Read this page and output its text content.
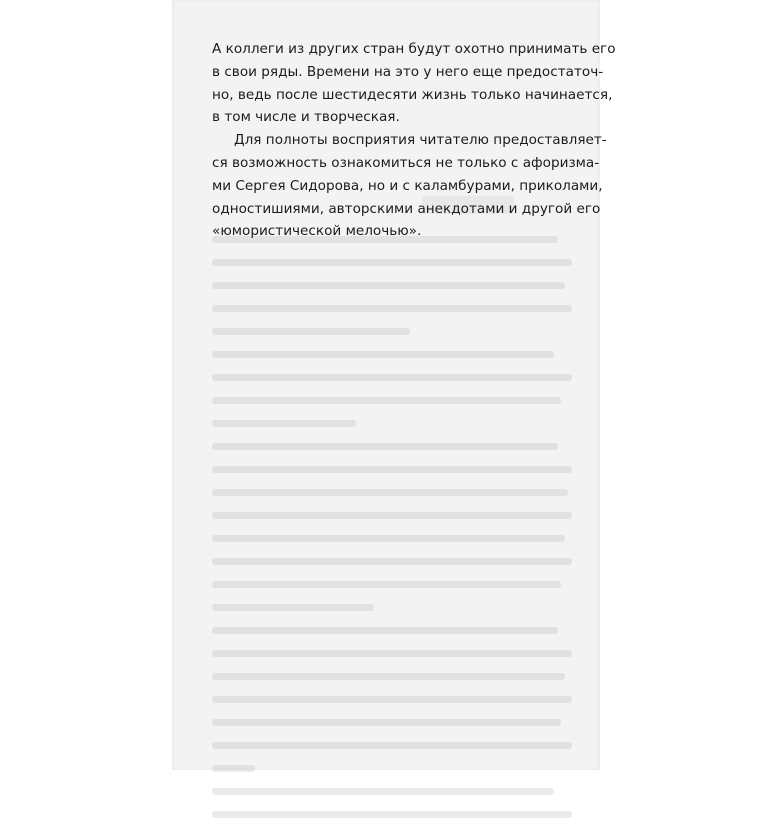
А коллеги из других стран будут охотно принимать его
в свои ряды. Времени на это у него еще предостаточ-
но, ведь после шестидесяти жизнь только начинается,
в том числе и творческая.

Для полноты восприятия читателю предоставляет-
ся возможность ознакомиться не только с афоризма-
ми Сергея Сидорова, но и с каламбурами, приколами,
одностишиями, авторскими анекдотами и другой его
«юмористической мелочью».
